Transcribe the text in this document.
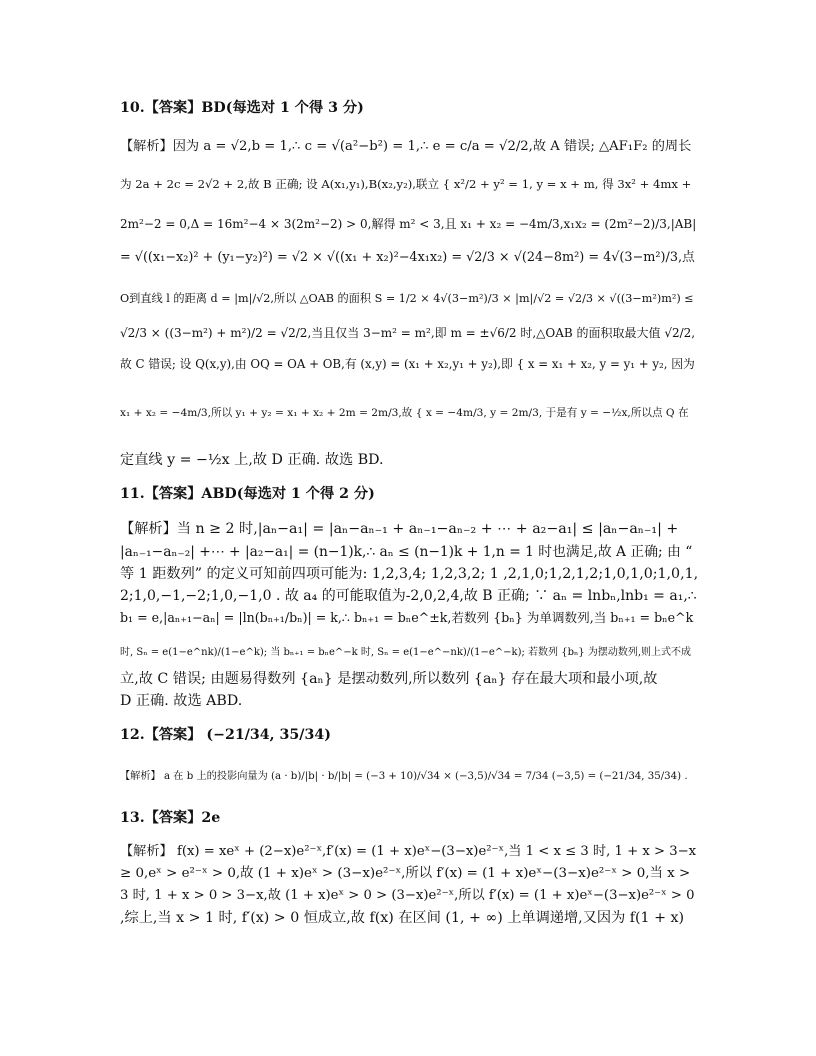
10.【答案】BD(每选对 1 个得 3 分)
【解析】因为 a = √2,b = 1,∴ c = √(a²−b²) = 1,∴ e = c/a = √2/2,故 A 错误; △AF₁F₂ 的周长
为 2a + 2c = 2√2 + 2,故 B 正确; 设 A(x₁,y₁),B(x₂,y₂),联立 { x²/2 + y² = 1, y = x + m, 得 3x² + 4mx +
2m²−2 = 0,Δ = 16m²−4 × 3(2m²−2) > 0,解得 m² < 3,且 x₁ + x₂ = −4m/3,x₁x₂ = (2m²−2)/3,|AB|
= √((x₁−x₂)² + (y₁−y₂)²) = √2 × √((x₁ + x₂)²−4x₁x₂) = √2/3 × √(24−8m²) = 4√(3−m²)/3,点
O到直线 l 的距离 d = |m|/√2,所以 △OAB 的面积 S = 1/2 × 4√(3−m²)/3 × |m|/√2 = √2/3 × √((3−m²)m²) ≤
√2/3 × ((3−m²) + m²)/2 = √2/2,当且仅当 3−m² = m²,即 m = ±√6/2 时,△OAB 的面积取最大值 √2/2,
故 C 错误; 设 Q(x,y),由 OQ = OA + OB,有 (x,y) = (x₁ + x₂,y₁ + y₂),即 { x = x₁ + x₂, y = y₁ + y₂, 因为
x₁ + x₂ = −4m/3,所以 y₁ + y₂ = x₁ + x₂ + 2m = 2m/3,故 { x = −4m/3, y = 2m/3, 于是有 y = −½x,所以点 Q 在
定直线 y = −½x 上,故 D 正确. 故选 BD.
11.【答案】ABD(每选对 1 个得 2 分)
【解析】当 n ≥ 2 时,|aₙ−a₁| = |aₙ−aₙ₋₁ + aₙ₋₁−aₙ₋₂ + ⋯ + a₂−a₁| ≤ |aₙ−aₙ₋₁| +
|aₙ₋₁−aₙ₋₂| +⋯ + |a₂−a₁| = (n−1)k,∴ aₙ ≤ (n−1)k + 1,n = 1 时也满足,故 A 正确; 由 “
等 1 距数列” 的定义可知前四项可能为: 1,2,3,4; 1,2,3,2; 1 ,2,1,0;1,2,1,2;1,0,1,0;1,0,1,
2;1,0,−1,−2;1,0,−1,0 . 故 a₄ 的可能取值为-2,0,2,4,故 B 正确; ∵ aₙ = lnbₙ,lnb₁ = a₁,∴
b₁ = e,|aₙ₊₁−aₙ| = |ln(bₙ₊₁/bₙ)| = k,∴ bₙ₊₁ = bₙe^±k,若数列 {bₙ} 为单调数列,当 bₙ₊₁ = bₙe^k
时, Sₙ = e(1−e^nk)/(1−e^k); 当 bₙ₊₁ = bₙe^−k 时, Sₙ = e(1−e^−nk)/(1−e^−k); 若数列 {bₙ} 为摆动数列,则上式不成
立,故 C 错误; 由题易得数列 {aₙ} 是摆动数列,所以数列 {aₙ} 存在最大项和最小项,故
D 正确. 故选 ABD.
12.【答案】 (−21/34, 35/34)
【解析】 a 在 b 上的投影向量为 (a · b)/|b| · b/|b| = (−3 + 10)/√34 × (−3,5)/√34 = 7/34 (−3,5) = (−21/34, 35/34) .
13.【答案】2e
【解析】 f(x) = xeˣ + (2−x)e²⁻ˣ,f′(x) = (1 + x)eˣ−(3−x)e²⁻ˣ,当 1 < x ≤ 3 时, 1 + x > 3−x
≥ 0,eˣ > e²⁻ˣ > 0,故 (1 + x)eˣ > (3−x)e²⁻ˣ,所以 f′(x) = (1 + x)eˣ−(3−x)e²⁻ˣ > 0,当 x >
3 时, 1 + x > 0 > 3−x,故 (1 + x)eˣ > 0 > (3−x)e²⁻ˣ,所以 f′(x) = (1 + x)eˣ−(3−x)e²⁻ˣ > 0
,综上,当 x > 1 时, f′(x) > 0 恒成立,故 f(x) 在区间 (1, + ∞) 上单调递增,又因为 f(1 + x)
